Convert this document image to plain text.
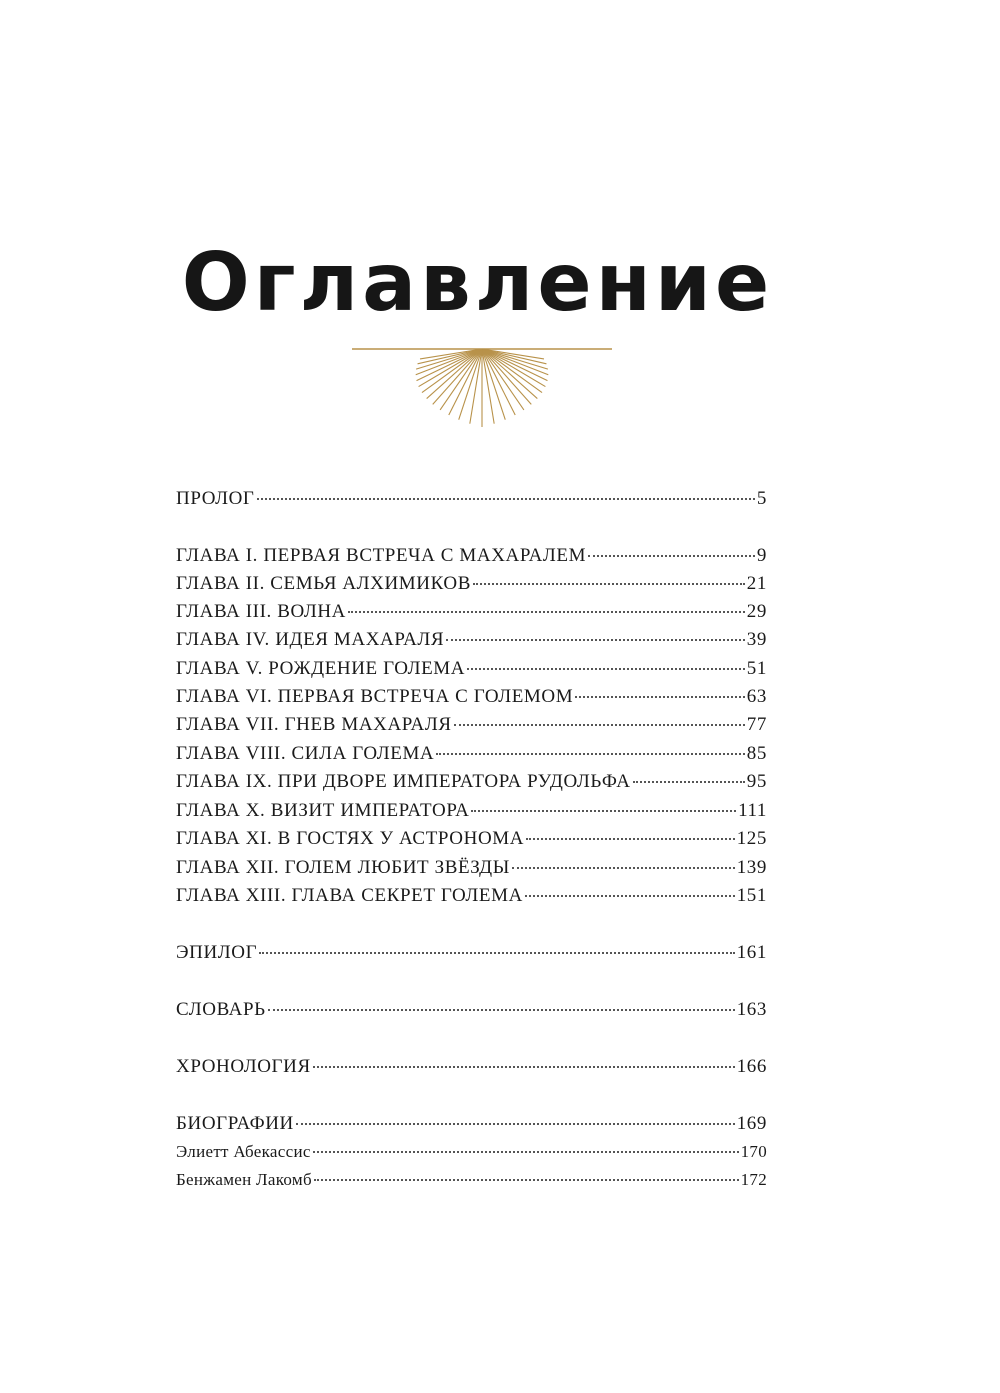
Оглавление
ПРОЛОГ	5
ГЛАВА I. ПЕРВАЯ ВСТРЕЧА С МАХАРАЛЕМ	9
ГЛАВА II. СЕМЬЯ АЛХИМИКОВ	21
ГЛАВА III. ВОЛНА	29
ГЛАВА IV. ИДЕЯ МАХАРАЛЯ	39
ГЛАВА V. РОЖДЕНИЕ ГОЛЕМА	51
ГЛАВА VI. ПЕРВАЯ ВСТРЕЧА С ГОЛЕМОМ	63
ГЛАВА VII. ГНЕВ МАХАРАЛЯ	77
ГЛАВА VIII. СИЛА ГОЛЕМА	85
ГЛАВА IX. ПРИ ДВОРЕ ИМПЕРАТОРА РУДОЛЬФА	95
ГЛАВА X. ВИЗИТ ИМПЕРАТОРА	111
ГЛАВА XI. В ГОСТЯХ У АСТРОНОМА	125
ГЛАВА XII. ГОЛЕМ ЛЮБИТ ЗВЁЗДЫ	139
ГЛАВА XIII. ГЛАВА СЕКРЕТ ГОЛЕМА	151
ЭПИЛОГ	161
СЛОВАРЬ	163
ХРОНОЛОГИЯ	166
БИОГРАФИИ	169
Элиетт Абекассис	170
Бенжамен Лакомб	172
